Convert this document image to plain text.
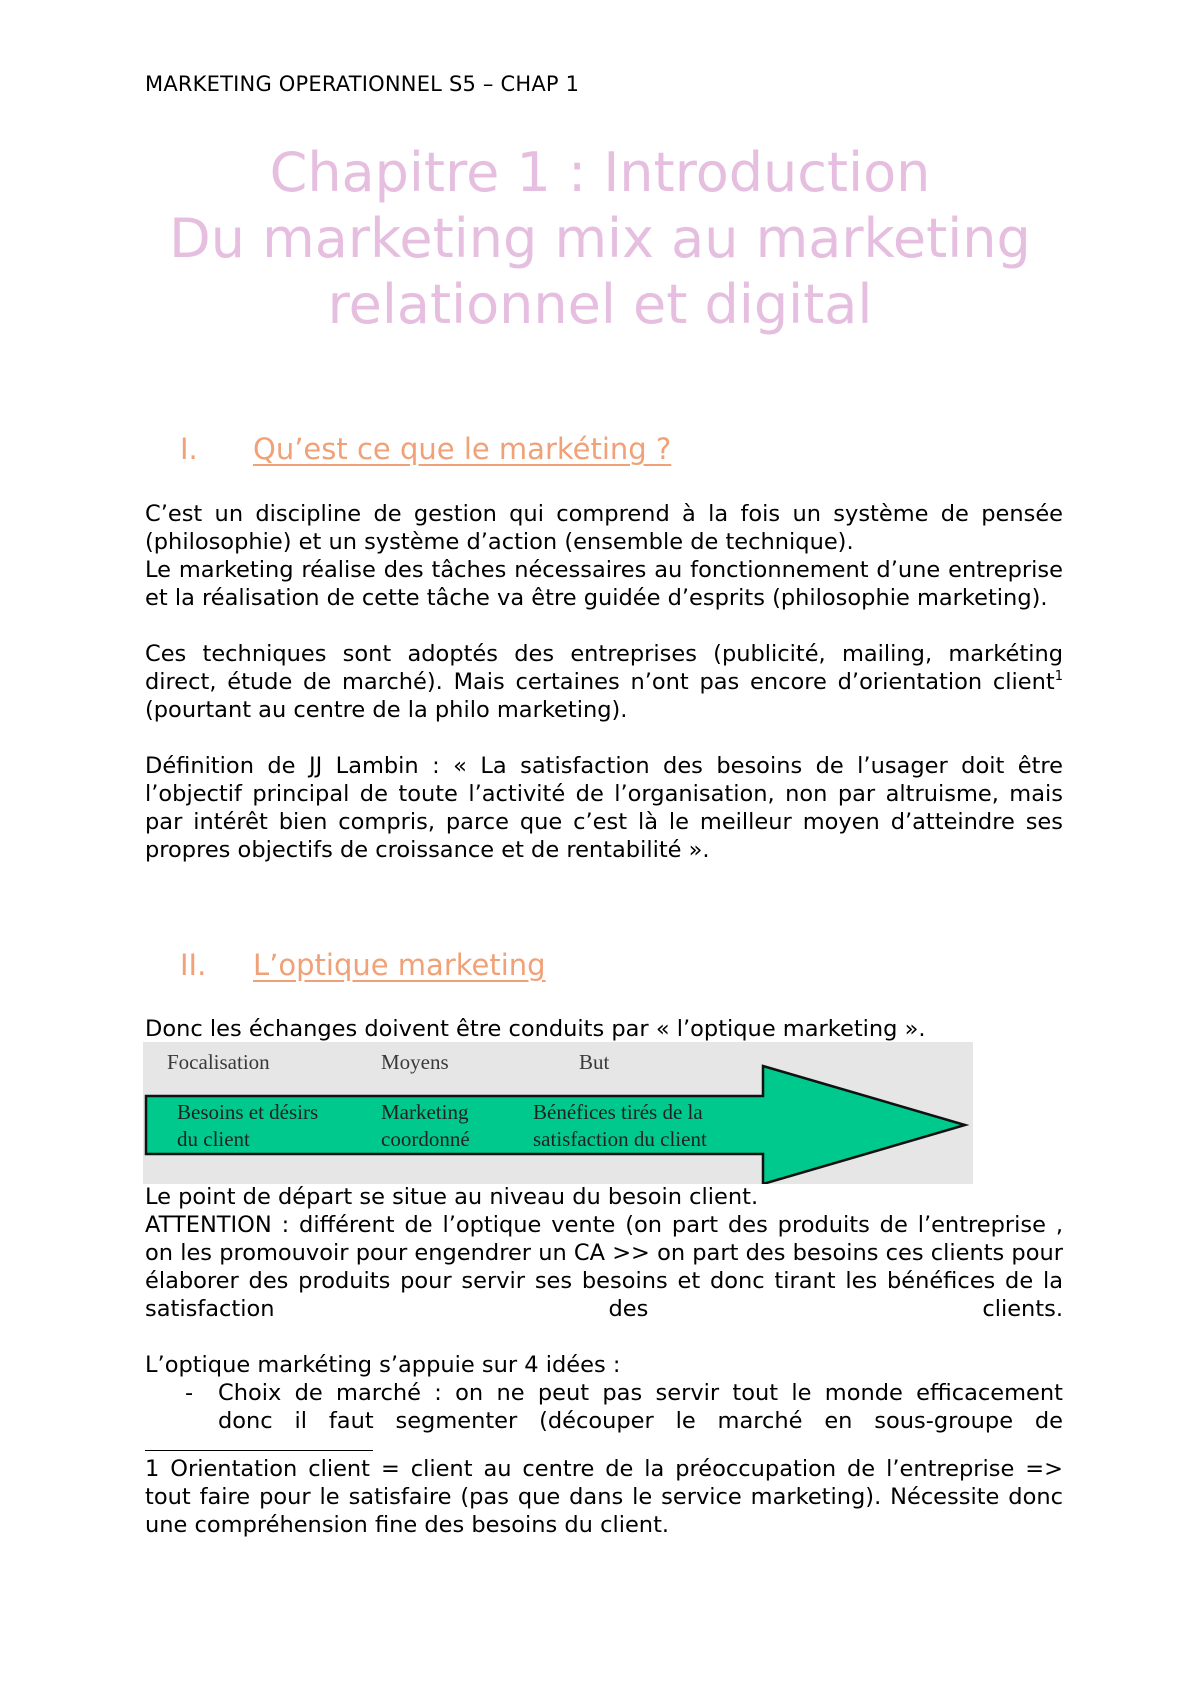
MARKETING OPERATIONNEL S5 – CHAP 1
Chapitre 1 : Introduction
Du marketing mix au marketing
relationnel et digital
I. Qu’est ce que le markéting ?

C’est un discipline de gestion qui comprend à la fois un système de pensée (philosophie) et un système d’action (ensemble de technique).

Le marketing réalise des tâches nécessaires au fonctionnement d’une entreprise et la réalisation de cette tâche va être guidée d’esprits (philosophie marketing).

Ces techniques sont adoptés des entreprises (publicité, mailing, markéting direct, étude de marché). Mais certaines n’ont pas encore d’orientation client$^1$ (pourtant au centre de la philo marketing).

Définition de JJ Lambin : « La satisfaction des besoins de l’usager doit être l’objectif principal de toute l’activité de l’organisation, non par altruisme, mais par intérêt bien compris, parce que c’est là le meilleur moyen d’atteindre ses propres objectifs de croissance et de rentabilité ».

II. L’optique marketing

Donc les échanges doivent être conduits par « l’optique marketing ».

Focalisation	Moyens	But
Besoins et désirs
du client
Marketing
coordonné
Bénéfices tirés de la
satisfaction du client

Le point de départ se situe au niveau du besoin client.

ATTENTION : différent de l’optique vente (on part des produits de l’entreprise , on les promouvoir pour engendrer un CA >> on part des besoins ces clients pour élaborer des produits pour servir ses besoins et donc tirant les bénéfices de la satisfaction des clients.

L’optique markéting s’appuie sur 4 idées :

- Choix de marché : on ne peut pas servir tout le monde efficacement

donc il faut segmenter (découper le marché en sous-groupe de

1 Orientation client = client au centre de la préoccupation de l’entreprise => tout faire pour le satisfaire (pas que dans le service marketing). Nécessite donc une compréhension fine des besoins du client.
